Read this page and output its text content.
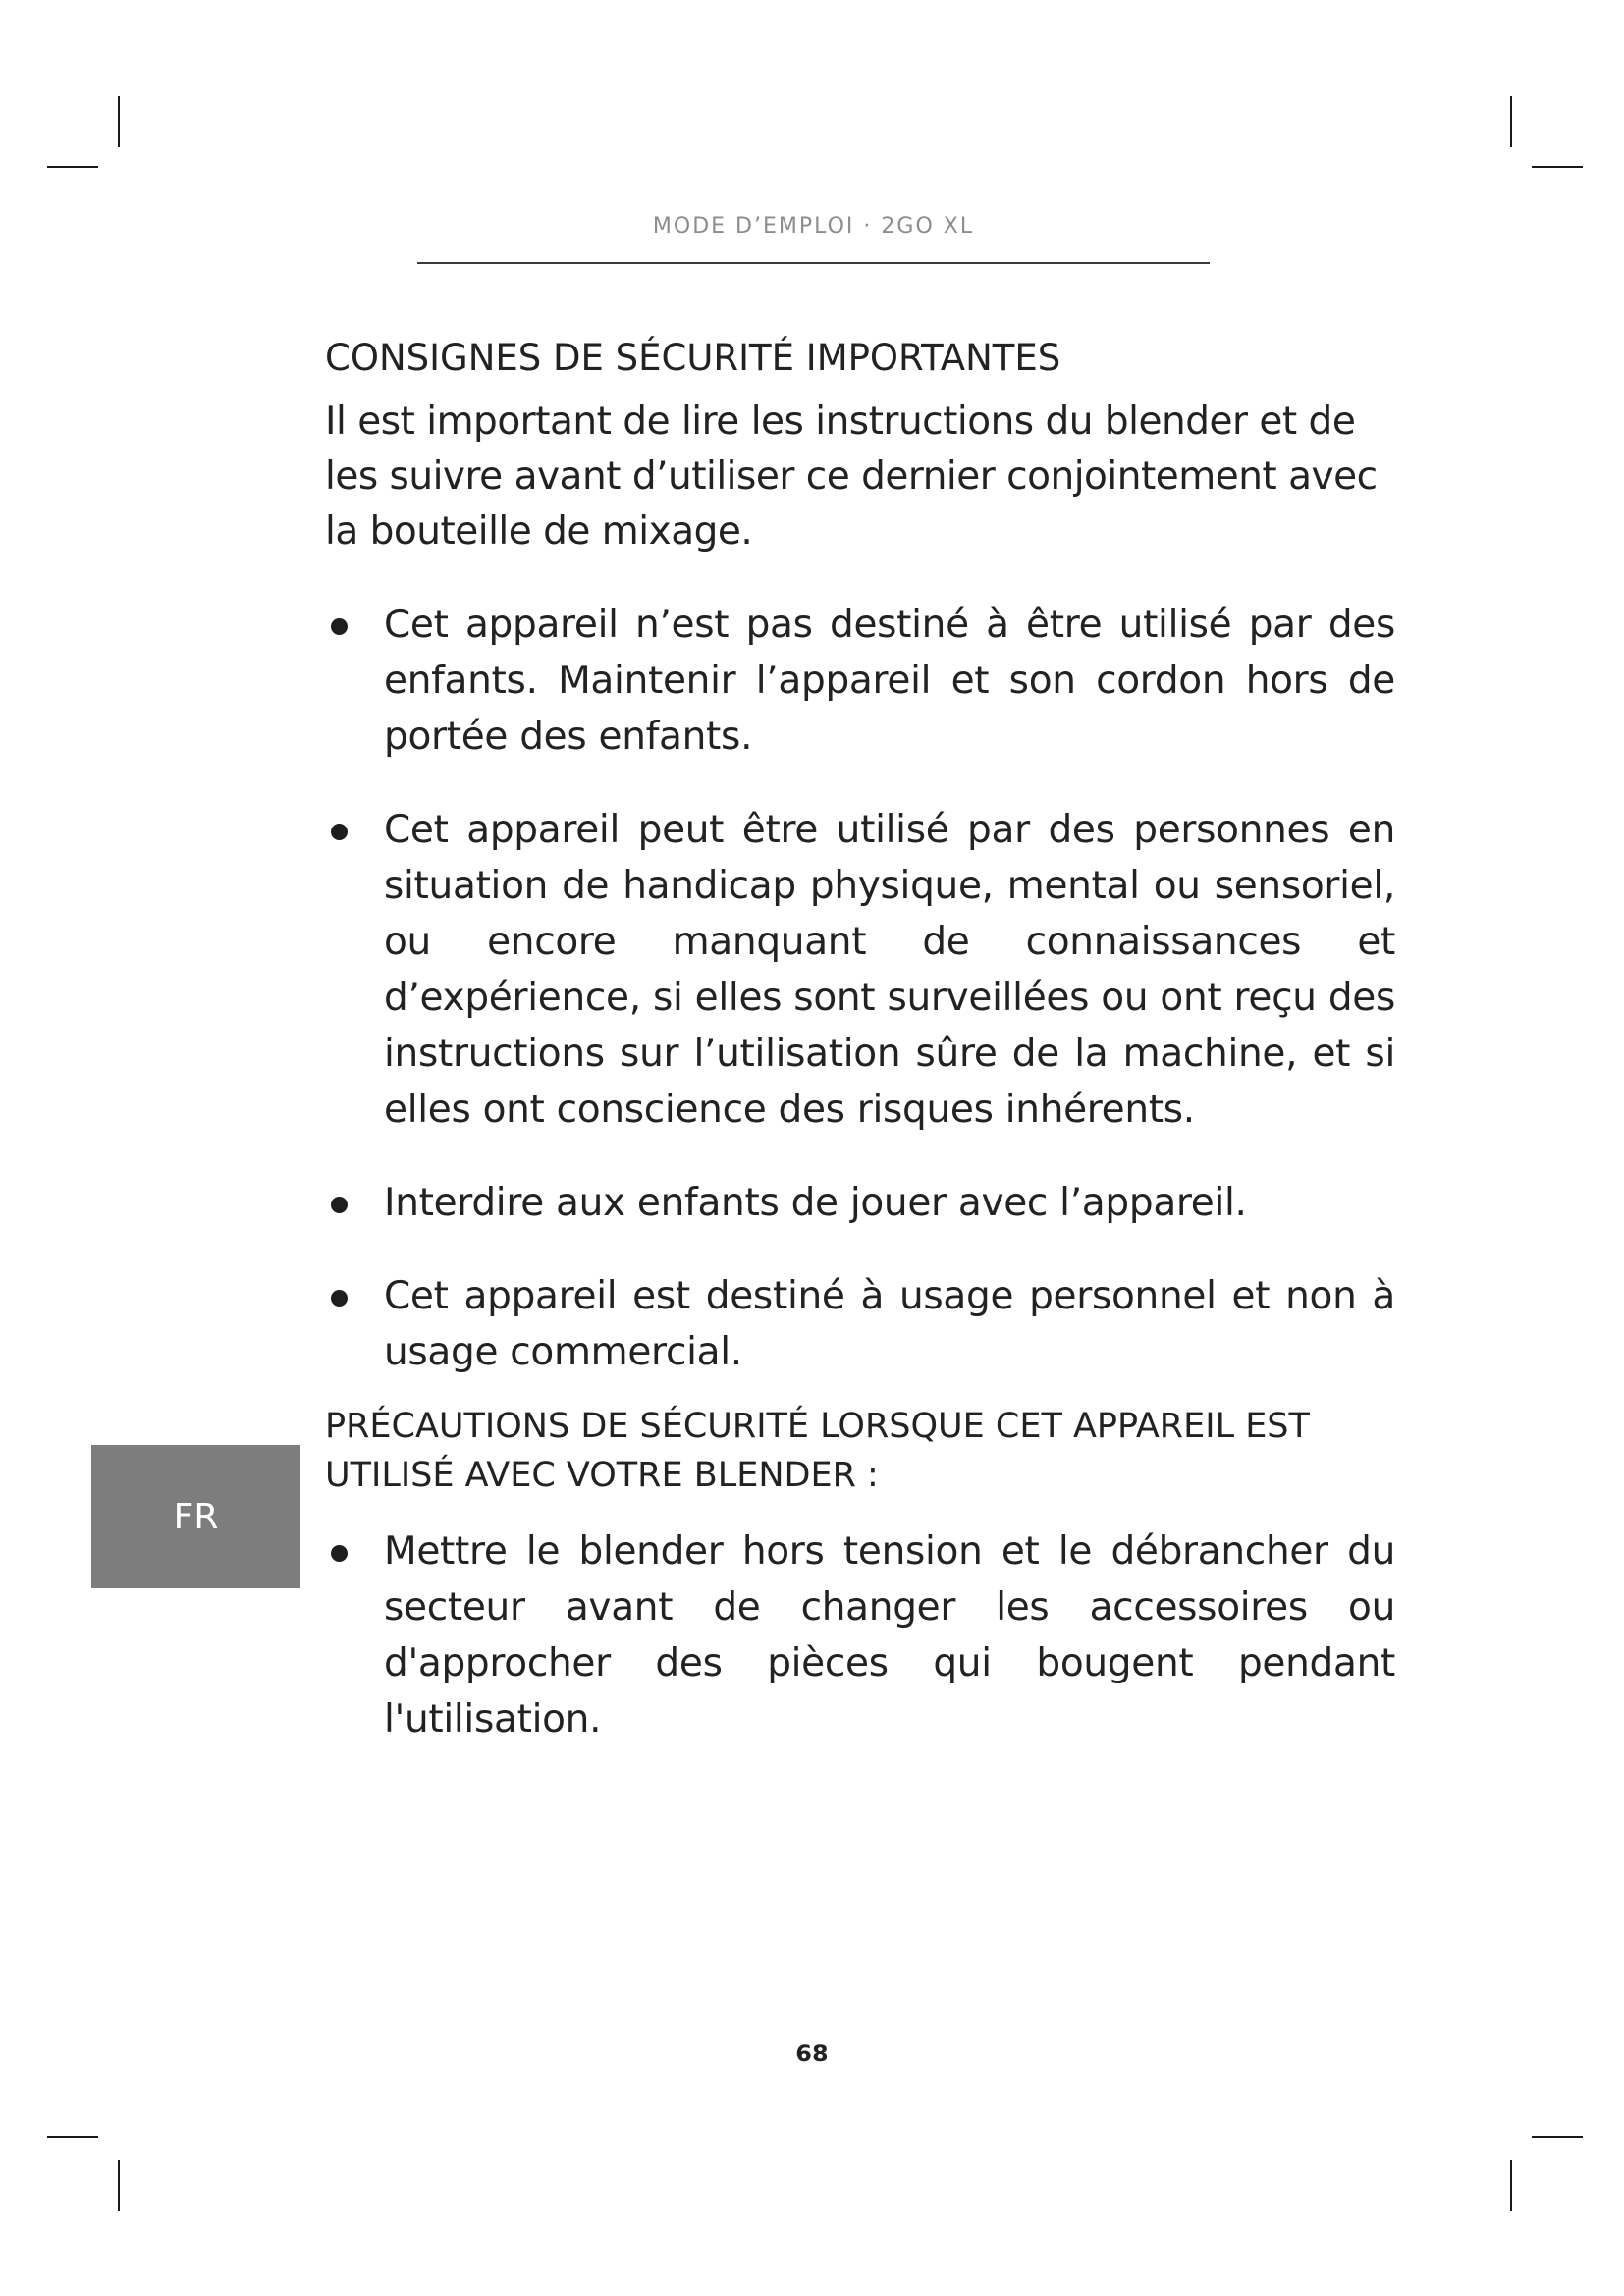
MODE D’EMPLOI · 2GO XL
CONSIGNES DE SÉCURITÉ IMPORTANTES

Il est important de lire les instructions du blender et de les suivre avant d’utiliser ce dernier conjointement avec la bouteille de mixage.

Cet appareil n’est pas destiné à être utilisé par des enfants. Maintenir l’appareil et son cordon hors de portée des enfants.
Cet appareil peut être utilisé par des personnes en situation de handicap physique, mental ou sensoriel, ou encore manquant de connaissances et d’expérience, si elles sont surveillées ou ont reçu des instructions sur l’utilisation sûre de la machine, et si elles ont conscience des risques inhérents.
Interdire aux enfants de jouer avec l’appareil.
Cet appareil est destiné à usage personnel et non à usage commercial.
PRÉCAUTIONS DE SÉCURITÉ LORSQUE CET APPAREIL EST UTILISÉ AVEC VOTRE BLENDER :
Mettre le blender hors tension et le débrancher du secteur avant de changer les accessoires ou d'approcher des pièces qui bougent pendant l'utilisation.
FR
68
